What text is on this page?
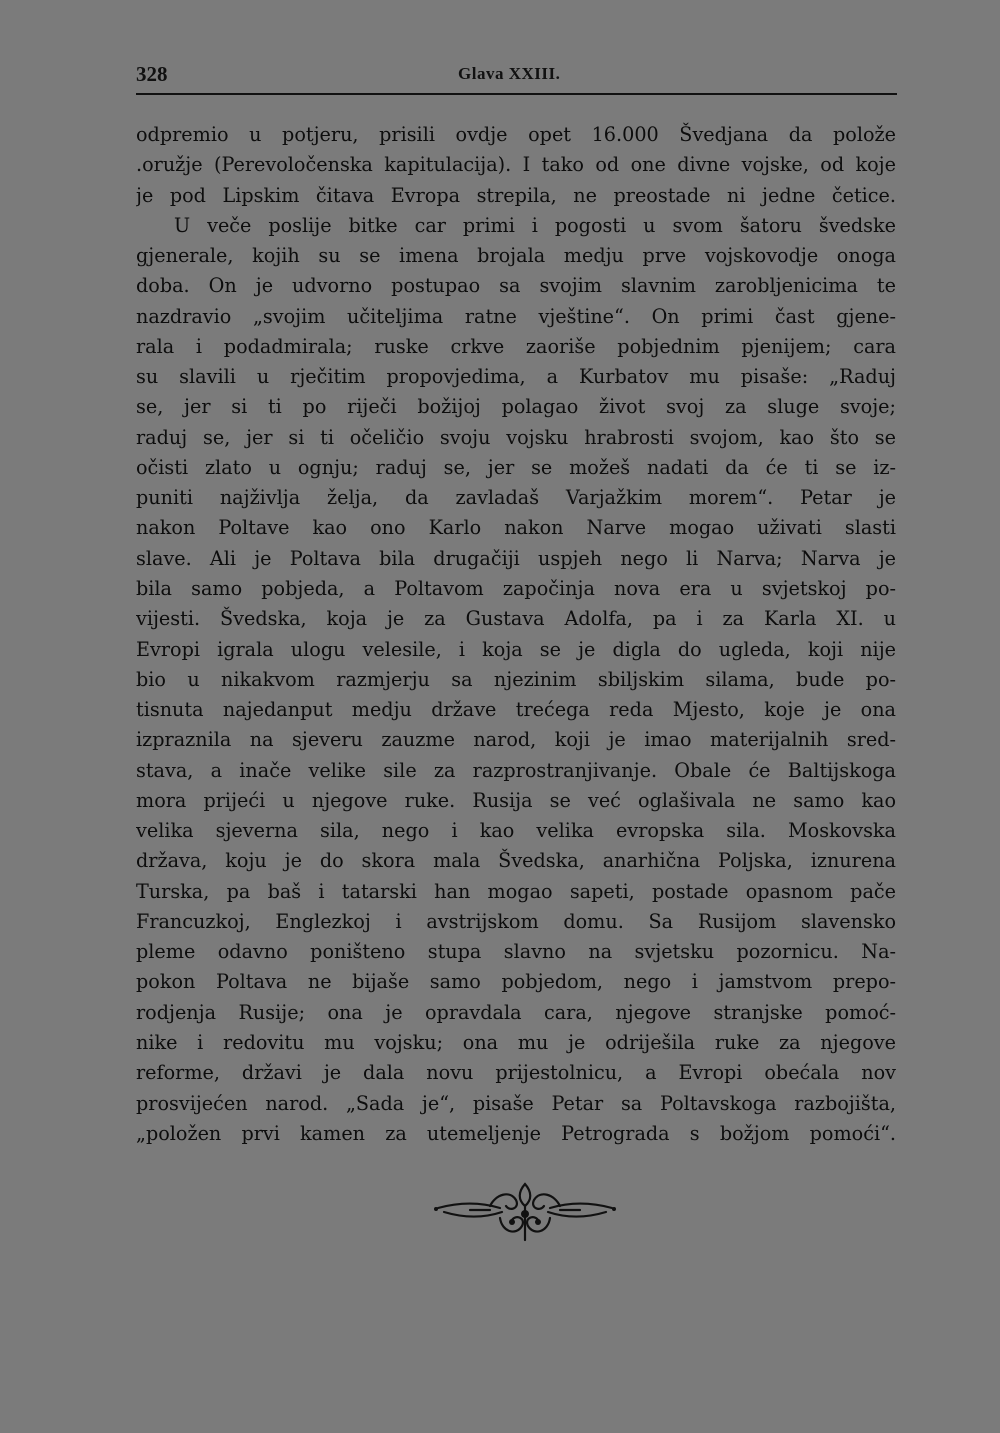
328	Glava XXIII.
odpremio u potjeru, prisili ovdje opet 16.000 Švedjana da polože
.oružje (Perevoločenska kapitulacija). I tako od one divne vojske, od koje
je pod Lipskim čitava Evropa strepila, ne preostade ni jedne četice.
U veče poslije bitke car primi i pogosti u svom šatoru švedske
gjenerale, kojih su se imena brojala medju prve vojskovodje onoga
doba. On je udvorno postupao sa svojim slavnim zarobljenicima te
nazdravio „svojim učiteljima ratne vještine“. On primi čast gjene-
rala i podadmirala; ruske crkve zaoriše pobjednim pjenijem; cara
su slavili u rječitim propovjedima, a Kurbatov mu pisaše: „Raduj
se, jer si ti po riječi božijoj polagao život svoj za sluge svoje;
raduj se, jer si ti očeličio svoju vojsku hrabrosti svojom, kao što se
očisti zlato u ognju; raduj se, jer se možeš nadati da će ti se iz-
puniti najživlja želja, da zavladaš Varjažkim morem“. Petar je
nakon Poltave kao ono Karlo nakon Narve mogao uživati slasti
slave. Ali je Poltava bila drugačiji uspjeh nego li Narva; Narva je
bila samo pobjeda, a Poltavom započinja nova era u svjetskoj po-
vijesti. Švedska, koja je za Gustava Adolfa, pa i za Karla XI. u
Evropi igrala ulogu velesile, i koja se je digla do ugleda, koji nije
bio u nikakvom razmjerju sa njezinim sbiljskim silama, bude po-
tisnuta najedanput medju države trećega reda Mjesto, koje je ona
izpraznila na sjeveru zauzme narod, koji je imao materijalnih sred-
stava, a inače velike sile za razprostranjivanje. Obale će Baltijskoga
mora prijeći u njegove ruke. Rusija se već oglašivala ne samo kao
velika sjeverna sila, nego i kao velika evropska sila. Moskovska
država, koju je do skora mala Švedska, anarhična Poljska, iznurena
Turska, pa baš i tatarski han mogao sapeti, postade opasnom pače
Francuzkoj, Englezkoj i avstrijskom domu. Sa Rusijom slavensko
pleme odavno poništeno stupa slavno na svjetsku pozornicu. Na-
pokon Poltava ne bijaše samo pobjedom, nego i jamstvom prepo-
rodjenja Rusije; ona je opravdala cara, njegove stranjske pomoć-
nike i redovitu mu vojsku; ona mu je odriješila ruke za njegove
reforme, državi je dala novu prijestolnicu, a Evropi obećala nov
prosvijećen narod. „Sada je“, pisaše Petar sa Poltavskoga razbojišta,
„položen prvi kamen za utemeljenje Petrograda s božjom pomoći“.
